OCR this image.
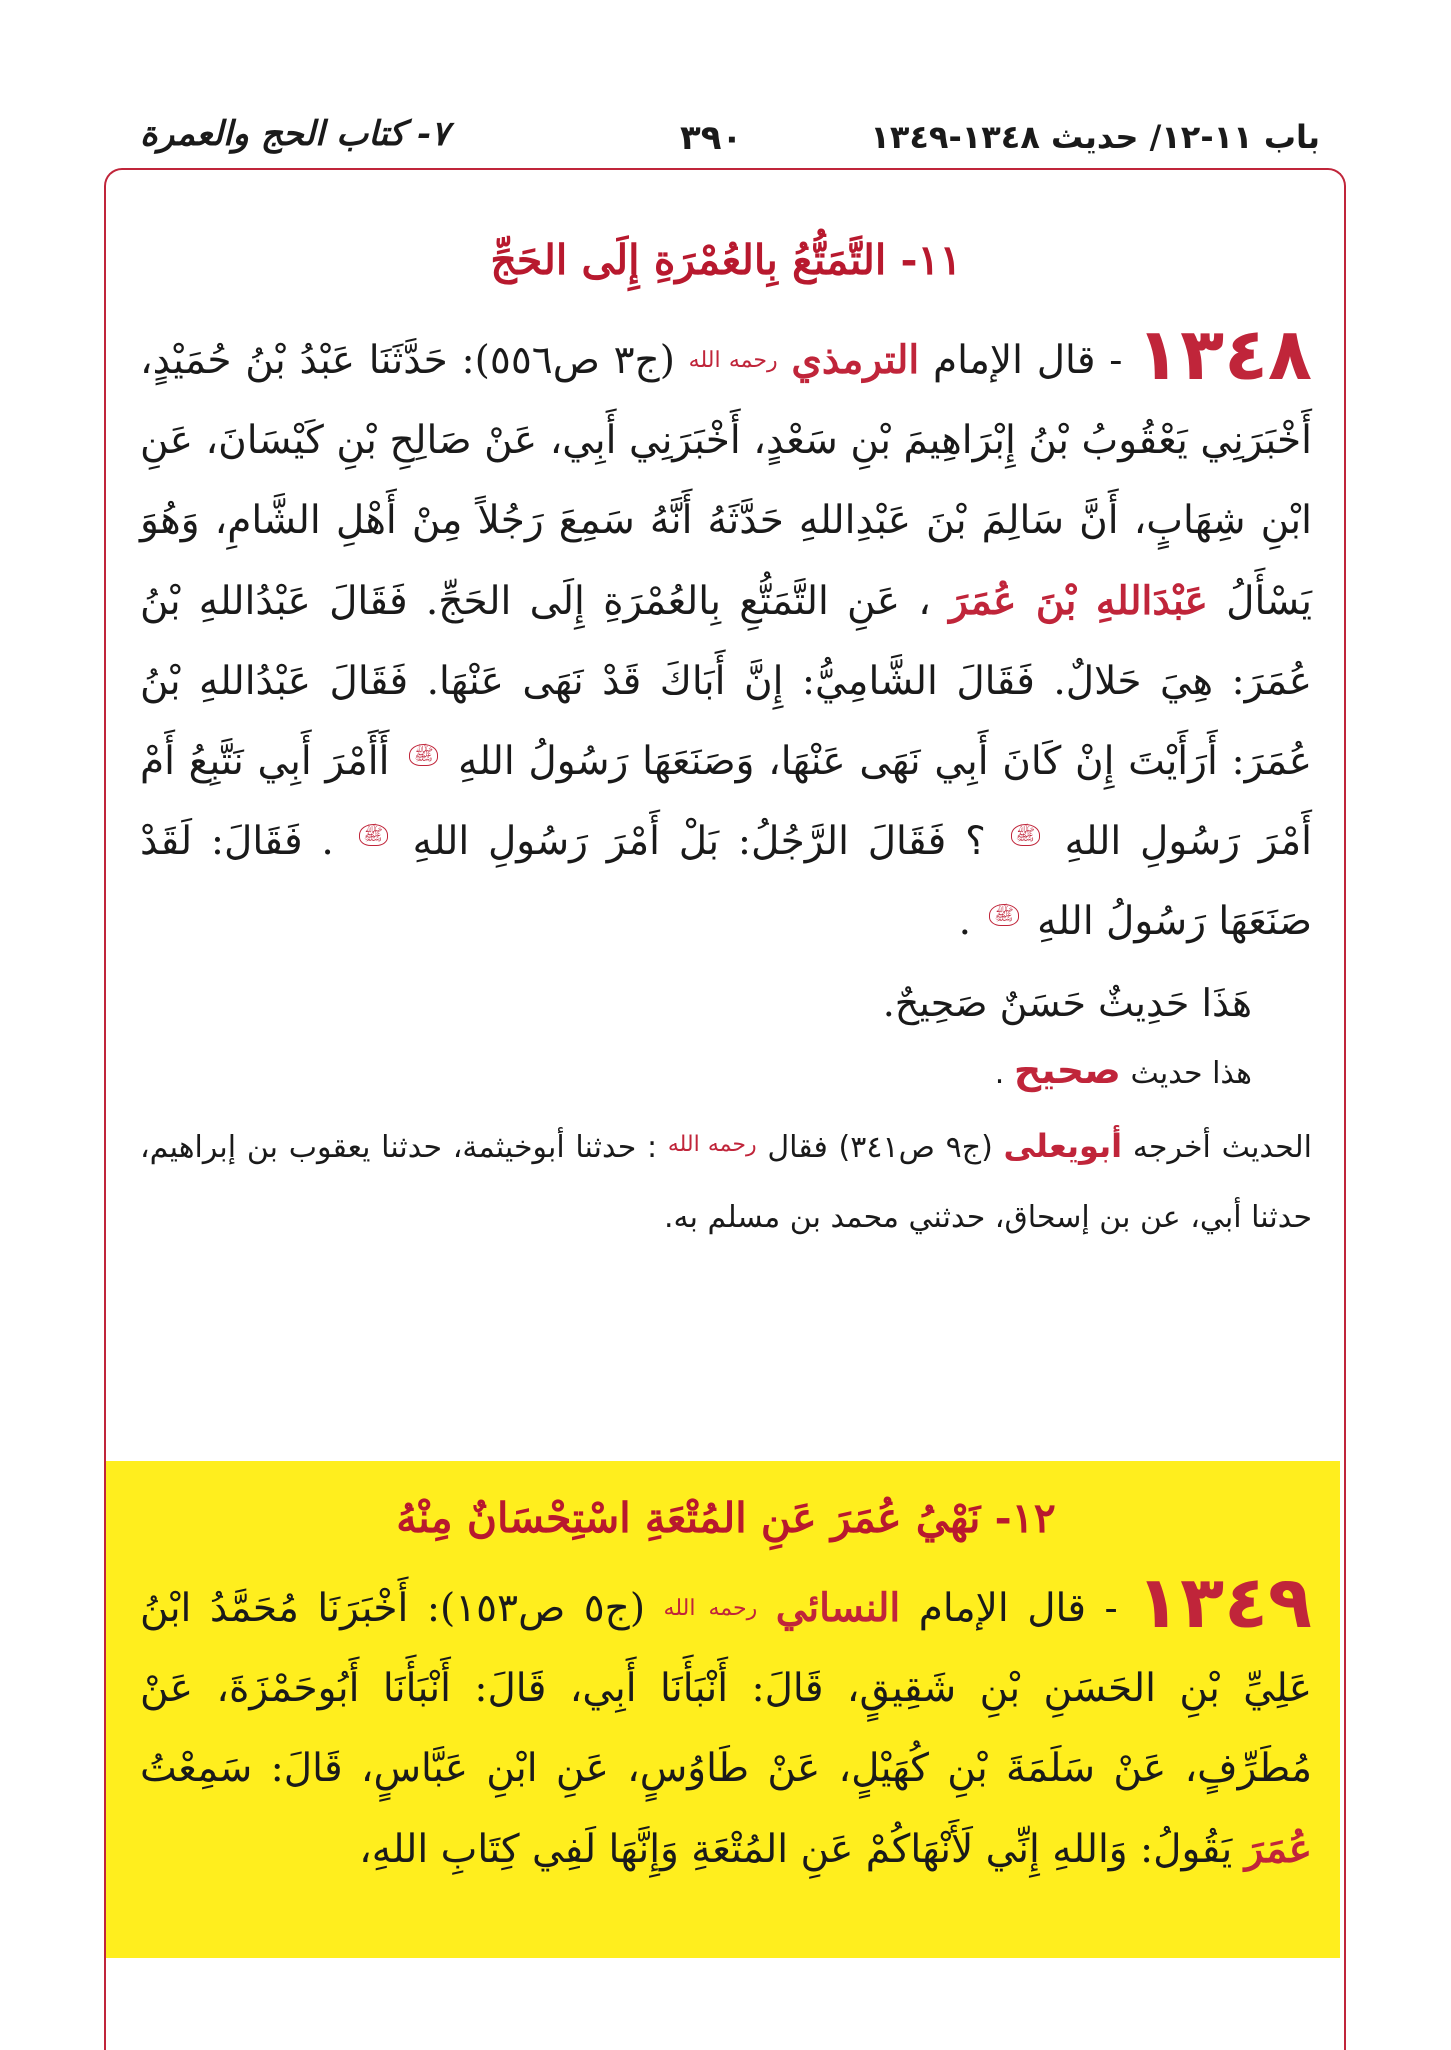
باب ١١-١٢/ حديث ١٣٤٨-١٣٤٩
٣٩٠
٧- كتاب الحج والعمرة
١١- التَّمَتُّعُ بِالعُمْرَةِ إِلَى الحَجِّ
١٣٤٨ - قال الإمام الترمذي رحمه الله (ج٣ ص٥٥٦): حَدَّثَنَا عَبْدُ بْنُ حُمَيْدٍ، أَخْبَرَنِي يَعْقُوبُ بْنُ إِبْرَاهِيمَ بْنِ سَعْدٍ، أَخْبَرَنِي أَبِي، عَنْ صَالِحِ بْنِ كَيْسَانَ، عَنِ ابْنِ شِهَابٍ، أَنَّ سَالِمَ بْنَ عَبْدِاللهِ حَدَّثَهُ أَنَّهُ سَمِعَ رَجُلاً مِنْ أَهْلِ الشَّامِ، وَهُوَ يَسْأَلُ عَبْدَاللهِ بْنَ عُمَرَ ، عَنِ التَّمَتُّعِ بِالعُمْرَةِ إِلَى الحَجِّ. فَقَالَ عَبْدُاللهِ بْنُ عُمَرَ: هِيَ حَلالٌ. فَقَالَ الشَّامِيُّ: إِنَّ أَبَاكَ قَدْ نَهَى عَنْهَا. فَقَالَ عَبْدُاللهِ بْنُ عُمَرَ: أَرَأَيْتَ إِنْ كَانَ أَبِي نَهَى عَنْهَا، وَصَنَعَهَا رَسُولُ اللهِ ﷺ أَأَمْرَ أَبِي نَتَّبِعُ أَمْ أَمْرَ رَسُولِ اللهِ ﷺ ؟ فَقَالَ الرَّجُلُ: بَلْ أَمْرَ رَسُولِ اللهِ ﷺ . فَقَالَ: لَقَدْ صَنَعَهَا رَسُولُ اللهِ ﷺ .
هَذَا حَدِيثٌ حَسَنٌ صَحِيحٌ.
هذا حديث صحيح .
الحديث أخرجه أبويعلى (ج٩ ص٣٤١) فقال $^{رحمه الله}$ : حدثنا أبوخيثمة، حدثنا يعقوب بن إبراهيم، حدثنا أبي، عن بن إسحاق، حدثني محمد بن مسلم به.
١٢- نَهْيُ عُمَرَ عَنِ المُتْعَةِ اسْتِحْسَانٌ مِنْهُ
١٣٤٩ - قال الإمام النسائي رحمه الله (ج٥ ص١٥٣): أَخْبَرَنَا مُحَمَّدُ ابْنُ عَلِيِّ بْنِ الحَسَنِ بْنِ شَقِيقٍ، قَالَ: أَنْبَأَنَا أَبِي، قَالَ: أَنْبَأَنَا أَبُوحَمْزَةَ، عَنْ مُطَرِّفٍ، عَنْ سَلَمَةَ بْنِ كُهَيْلٍ، عَنْ طَاوُسٍ، عَنِ ابْنِ عَبَّاسٍ، قَالَ: سَمِعْتُ عُمَرَ يَقُولُ: وَاللهِ إِنِّي لَأَنْهَاكُمْ عَنِ المُتْعَةِ وَإِنَّهَا لَفِي كِتَابِ اللهِ،
